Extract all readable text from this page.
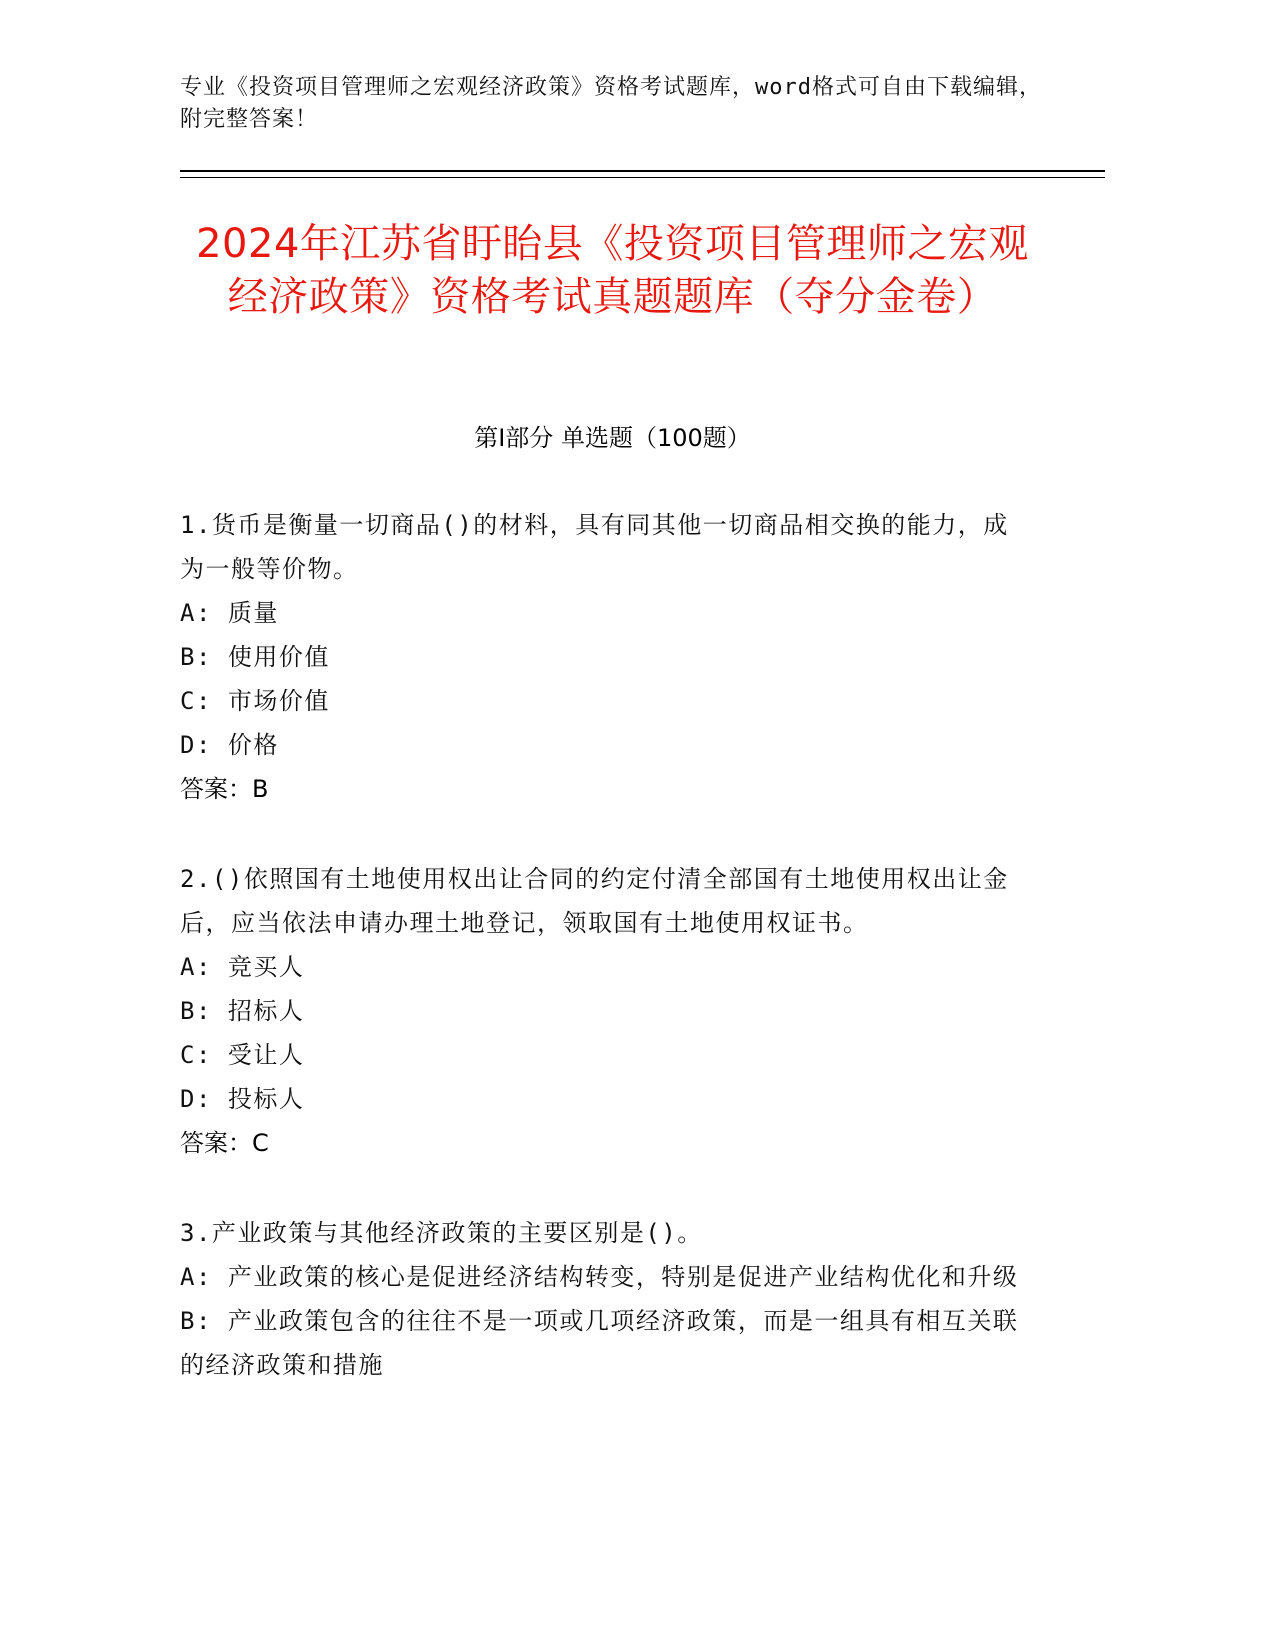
专业《投资项目管理师之宏观经济政策》资格考试题库，word格式可自由下载编辑，附完整答案！
2024年江苏省盱眙县《投资项目管理师之宏观经济政策》资格考试真题题库（夺分金卷）
第I部分 单选题（100题）
1.货币是衡量一切商品()的材料，具有同其他一切商品相交换的能力，成为一般等价物。
A: 质量
B: 使用价值
C: 市场价值
D: 价格
答案：B
2.()依照国有土地使用权出让合同的约定付清全部国有土地使用权出让金后，应当依法申请办理土地登记，领取国有土地使用权证书。
A: 竞买人
B: 招标人
C: 受让人
D: 投标人
答案：C
3.产业政策与其他经济政策的主要区别是()。
A: 产业政策的核心是促进经济结构转变，特别是促进产业结构优化和升级
B: 产业政策包含的往往不是一项或几项经济政策，而是一组具有相互关联的经济政策和措施
